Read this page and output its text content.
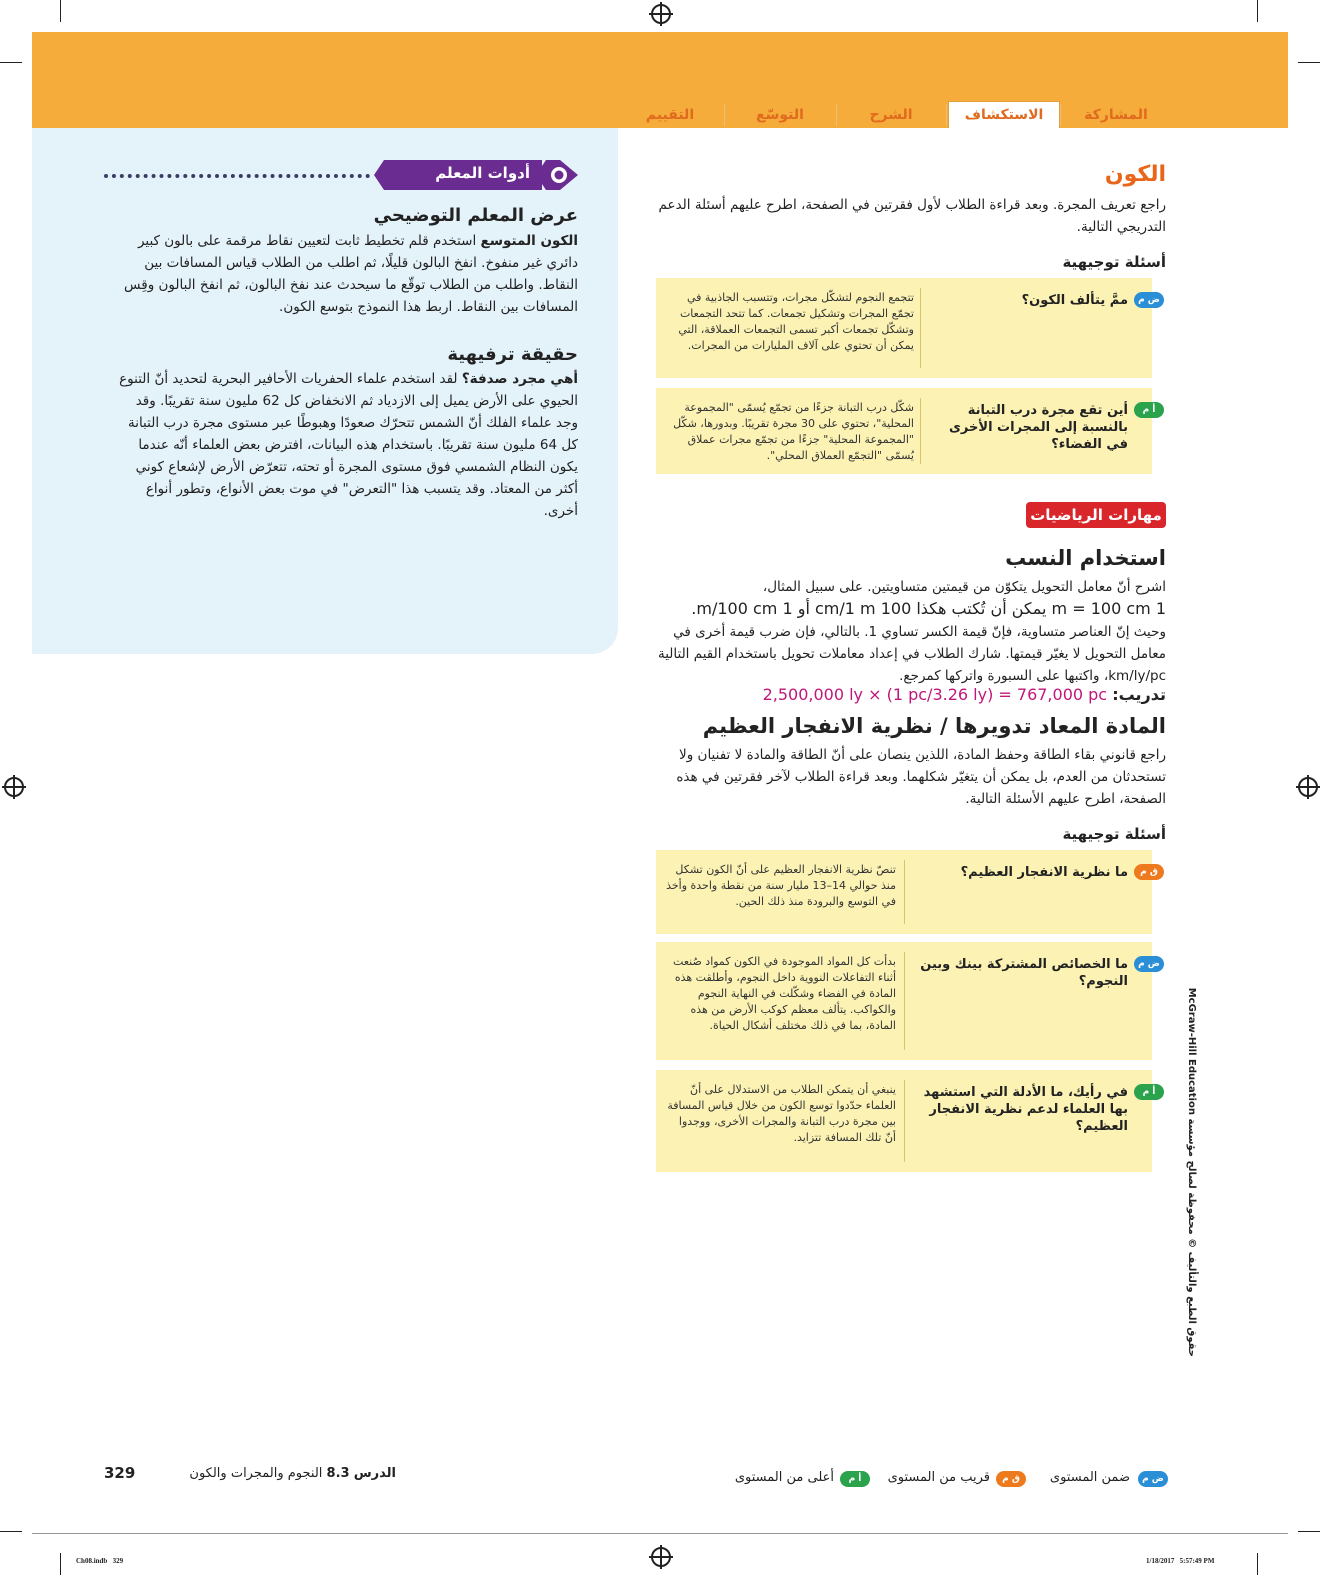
المشاركة
الاستكشاف
الشرح
التوسّع
التقييم
أدوات المعلم
عرض المعلم التوضيحي
الكون المتوسع استخدم قلم تخطيط ثابت لتعيين نقاط مرقمة على بالون كبير دائري غير منفوخ. انفخ البالون قليلًا، ثم اطلب من الطلاب قياس المسافات بين النقاط. واطلب من الطلاب توقّع ما سيحدث عند نفخ البالون، ثم انفخ البالون وقِس المسافات بين النقاط. اربط هذا النموذج بتوسع الكون.
حقيقة ترفيهية
أهي مجرد صدفة؟ لقد استخدم علماء الحفريات الأحافير البحرية لتحديد أنّ التنوع الحيوي على الأرض يميل إلى الازدياد ثم الانخفاض كل 62 مليون سنة تقريبًا. وقد وجد علماء الفلك أنّ الشمس تتحرّك صعودًا وهبوطًا عبر مستوى مجرة درب التبانة كل 64 مليون سنة تقريبًا. باستخدام هذه البيانات، افترض بعض العلماء أنّه عندما يكون النظام الشمسي فوق مستوى المجرة أو تحته، تتعرّض الأرض لإشعاع كوني أكثر من المعتاد. وقد يتسبب هذا "التعرض" في موت بعض الأنواع، وتطور أنواع أخرى.
الكون
راجع تعريف المجرة. وبعد قراءة الطلاب لأول فقرتين في الصفحة، اطرح عليهم أسئلة الدعم التدريجي التالية.
أسئلة توجيهية
ض م
ممَّ يتألف الكون؟
تتجمع النجوم لتشكّل مجرات، وتتسبب الجاذبية في تجمّع المجرات وتشكيل تجمعات. كما تتحد التجمعات وتشكّل تجمعات أكبر تسمى التجمعات العملاقة، التي يمكن أن تحتوي على آلاف المليارات من المجرات.
أ م
أين تقع مجرة درب التبانة بالنسبة إلى المجرات الأخرى في الفضاء؟
شكّل درب التبانة جزءًا من تجمّع يُسمّى "المجموعة المحلية"، تحتوي على 30 مجرة تقريبًا. وبدورها، شكّل "المجموعة المحلية" جزءًا من تجمّع مجرات عملاق يُسمّى "التجمّع العملاق المحلي".
مهارات الرياضيات
استخدام النسب
اشرح أنّ معامل التحويل يتكوّن من قيمتين متساويتين. على سبيل المثال،
1 m = 100 cm يمكن أن تُكتب هكذا 100 cm/1 m أو 1 m/100 cm.
وحيث إنّ العناصر متساوية، فإنّ قيمة الكسر تساوي 1. بالتالي، فإن ضرب قيمة أخرى في معامل التحويل لا يغيّر قيمتها. شارك الطلاب في إعداد معاملات تحويل باستخدام القيم التالية km/ly/pc، واكتبها على السبورة واتركها كمرجع.
تدريب: 2,500,000 ly × (1 pc/3.26 ly) = 767,000 pc
المادة المعاد تدويرها / نظرية الانفجار العظيم
راجع قانوني بقاء الطاقة وحفظ المادة، اللذين ينصان على أنّ الطاقة والمادة لا تفنيان ولا تستحدثان من العدم، بل يمكن أن يتغيّر شكلهما. وبعد قراءة الطلاب لآخر فقرتين في هذه الصفحة، اطرح عليهم الأسئلة التالية.
أسئلة توجيهية
ق م
ما نظرية الانفجار العظيم؟
تنصّ نظرية الانفجار العظيم على أنّ الكون تشكل منذ حوالي 14–13 مليار سنة من نقطة واحدة وأخذ في التوسع والبرودة منذ ذلك الحين.
ض م
ما الخصائص المشتركة بينك وبين النجوم؟
بدأت كل المواد الموجودة في الكون كمواد صُنعت أثناء التفاعلات النووية داخل النجوم، وأطلقت هذه المادة في الفضاء وشكّلت في النهاية النجوم والكواكب. يتألف معظم كوكب الأرض من هذه المادة، بما في ذلك مختلف أشكال الحياة.
أ م
في رأيك، ما الأدلة التي استشهد بها العلماء لدعم نظرية الانفجار العظيم؟
ينبغي أن يتمكن الطلاب من الاستدلال على أنّ العلماء حدّدوا توسع الكون من خلال قياس المسافة بين مجرة درب التبانة والمجرات الأخرى، ووجدوا أنّ تلك المسافة تتزايد.
حقوق الطبع والتأليف © محفوظة لصالح مؤسسة McGraw-Hill Education
ض م
ضمن المستوى
ق م
قريب من المستوى
أ م
أعلى من المستوى
الدرس 8.3 النجوم والمجرات والكون
329
Ch08.indb   329	1/18/2017   5:57:49 PM
